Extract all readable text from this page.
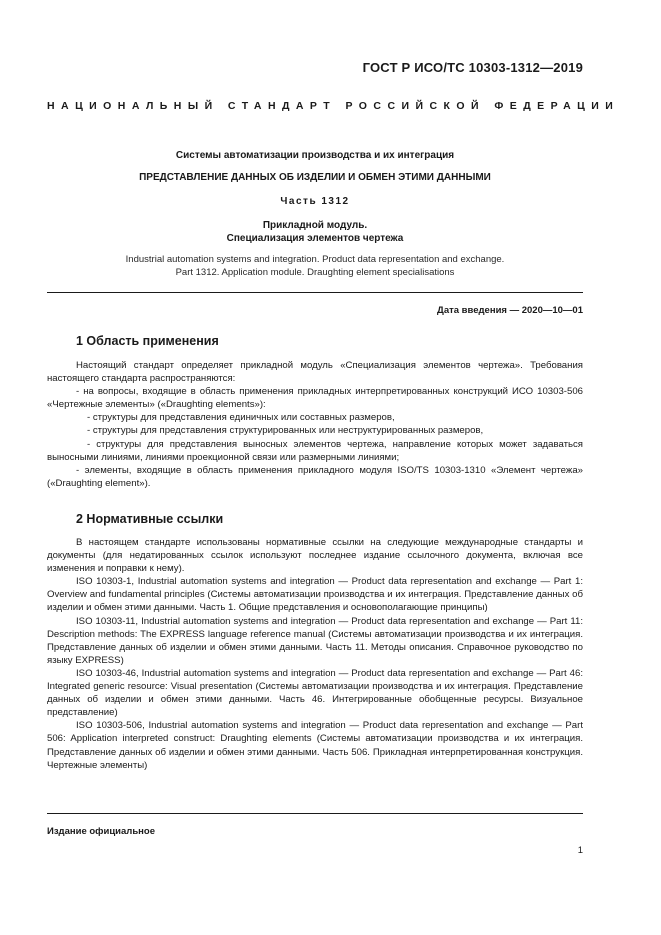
ГОСТ Р ИСО/ТС 10303-1312—2019
НАЦИОНАЛЬНЫЙ СТАНДАРТ РОССИЙСКОЙ ФЕДЕРАЦИИ
Системы автоматизации производства и их интеграция
ПРЕДСТАВЛЕНИЕ ДАННЫХ ОБ ИЗДЕЛИИ И ОБМЕН ЭТИМИ ДАННЫМИ
Часть 1312
Прикладной модуль.
Специализация элементов чертежа
Industrial automation systems and integration. Product data representation and exchange.
Part 1312. Application module. Draughting element specialisations
Дата введения — 2020—10—01
1 Область применения

Настоящий стандарт определяет прикладной модуль «Специализация элементов чертежа». Требования настоящего стандарта распространяются:

- на вопросы, входящие в область применения прикладных интерпретированных конструкций ИСО 10303-506 «Чертежные элементы» («Draughting elements»):

- структуры для представления единичных или составных размеров,

- структуры для представления структурированных или неструктурированных размеров,

- структуры для представления выносных элементов чертежа, направление которых может задаваться выносными линиями, линиями проекционной связи или размерными линиями;

- элементы, входящие в область применения прикладного модуля ISO/TS 10303-1310 «Элемент чертежа» («Draughting element»).

2 Нормативные ссылки

В настоящем стандарте использованы нормативные ссылки на следующие международные стандарты и документы (для недатированных ссылок используют последнее издание ссылочного документа, включая все изменения и поправки к нему).

ISO 10303-1, Industrial automation systems and integration — Product data representation and exchange — Part 1: Overview and fundamental principles (Системы автоматизации производства и их интеграция. Представление данных об изделии и обмен этими данными. Часть 1. Общие представления и основополагающие принципы)

ISO 10303-11, Industrial automation systems and integration — Product data representation and exchange — Part 11: Description methods: The EXPRESS language reference manual (Системы автоматизации производства и их интеграция. Представление данных об изделии и обмен этими данными. Часть 11. Методы описания. Справочное руководство по языку EXPRESS)

ISO 10303-46, Industrial automation systems and integration — Product data representation and exchange — Part 46: Integrated generic resource: Visual presentation (Системы автоматизации производства и их интеграция. Представление данных об изделии и обмен этими данными. Часть 46. Интегрированные обобщенные ресурсы. Визуальное представление)

ISO 10303-506, Industrial automation systems and integration — Product data representation and exchange — Part 506: Application interpreted construct: Draughting elements (Системы автоматизации производства и их интеграция. Представление данных об изделии и обмен этими данными. Часть 506. Прикладная интерпретированная конструкция. Чертежные элементы)

Издание официальное
1
